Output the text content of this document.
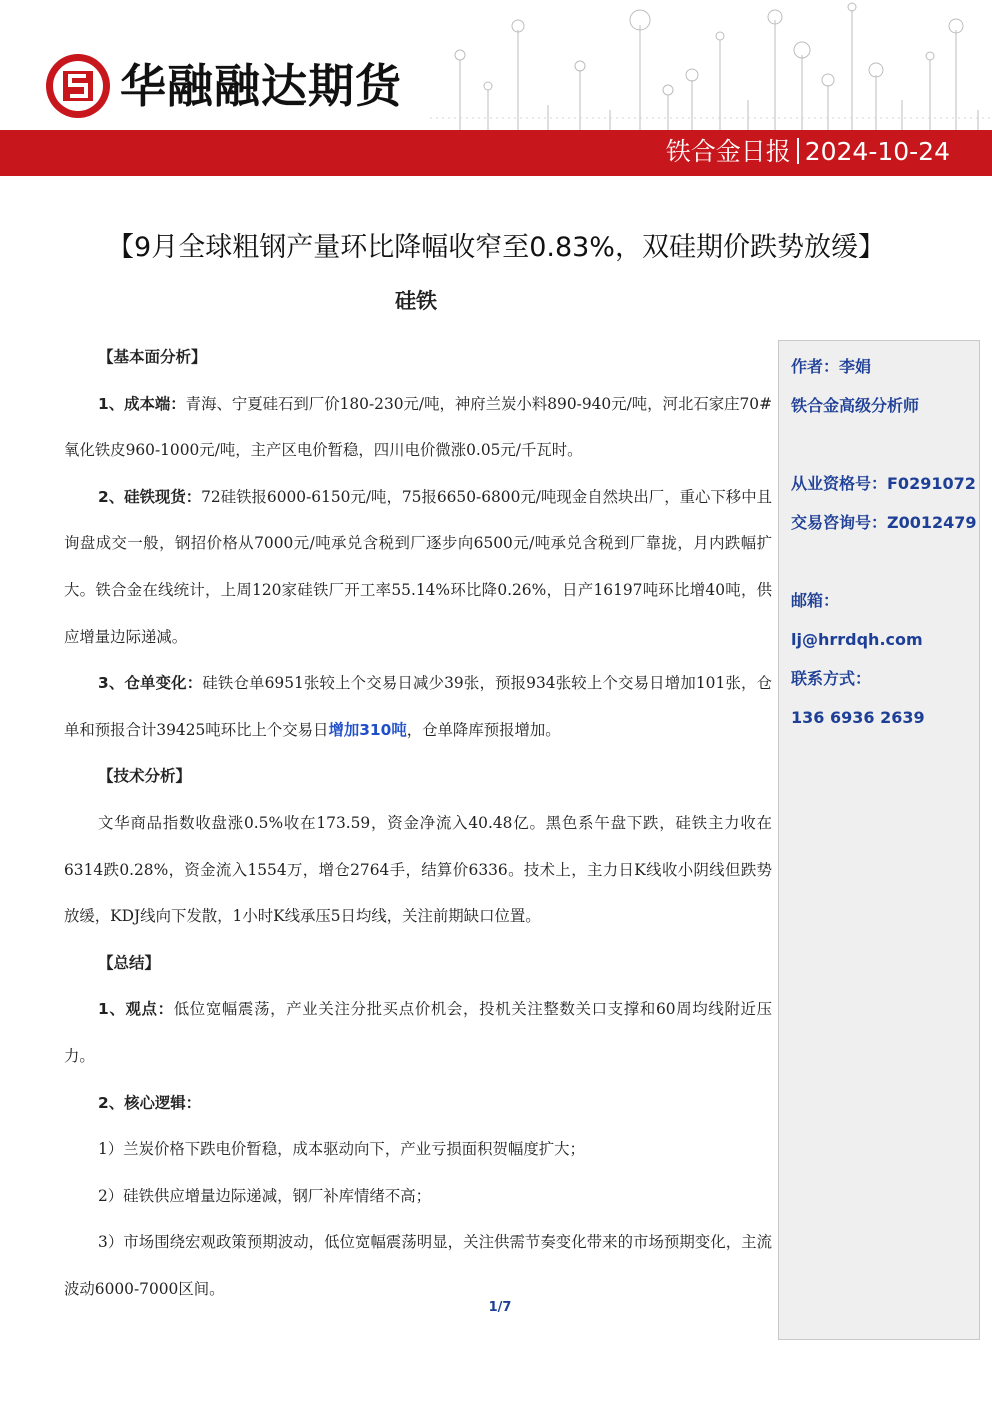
华融融达期货
铁合金日报 2024-10-24
【9月全球粗钢产量环比降幅收窄至0.83%，双硅期价跌势放缓】
硅铁

【基本面分析】

1、成本端：青海、宁夏硅石到厂价180-230元/吨，神府兰炭小料890-940元/吨，河北石家庄70#氧化铁皮960-1000元/吨，主产区电价暂稳，四川电价微涨0.05元/千瓦时。

2、硅铁现货：72硅铁报6000-6150元/吨，75报6650-6800元/吨现金自然块出厂，重心下移中且询盘成交一般，钢招价格从7000元/吨承兑含税到厂逐步向6500元/吨承兑含税到厂靠拢，月内跌幅扩大。铁合金在线统计，上周120家硅铁厂开工率55.14%环比降0.26%，日产16197吨环比增40吨，供应增量边际递减。

3、仓单变化：硅铁仓单6951张较上个交易日减少39张，预报934张较上个交易日增加101张，仓单和预报合计39425吨环比上个交易日增加310吨，仓单降库预报增加。

【技术分析】

文华商品指数收盘涨0.5%收在173.59，资金净流入40.48亿。黑色系午盘下跌，硅铁主力收在6314跌0.28%，资金流入1554万，增仓2764手，结算价6336。技术上，主力日K线收小阴线但跌势放缓，KDJ线向下发散，1小时K线承压5日均线，关注前期缺口位置。

【总结】

1、观点：低位宽幅震荡，产业关注分批买点价机会，投机关注整数关口支撑和60周均线附近压力。

2、核心逻辑：

1）兰炭价格下跌电价暂稳，成本驱动向下，产业亏损面积贺幅度扩大；

2）硅铁供应增量边际递减，钢厂补库情绪不高；

3）市场围绕宏观政策预期波动，低位宽幅震荡明显，关注供需节奏变化带来的市场预期变化，主流波动6000-7000区间。

作者：李娟
铁合金高级分析师
从业资格号：F0291072
交易咨询号：Z0012479
邮箱：
lj@hrrdqh.com
联系方式：
136 6936 2639
1/7
